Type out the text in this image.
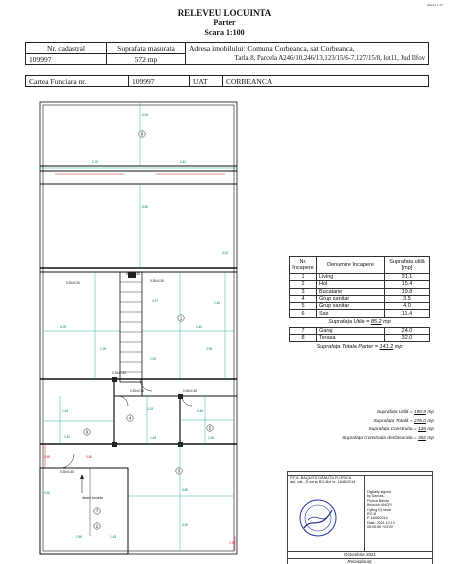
Anexa 1.37
RELEVEU LOCUINTA
Parter
Scara 1:100
Nr. cadastral	Suprafata masurata	Adresa imobilului: Comuna Corbeanca, sat Corbeanca,
109997	572 mp	Tarla 8, Parcela A246/10,246/13,123/15/6-7,127/15/8, lot11, Jud Ilfov
Cartea Funciara nr.	109997	UAT	CORBEANCA
8
1
2
3
4
5
6
7
2.76	3.42
6.00
6.80
4.02
0.30x0.30	0.30x0.30
0.30x0.30
0.20x0.30
0.20x0.30	0.30x0.30
0.30x0.30
6.05	3.45
1.46
0.97
1.00
1.05	2.95
1.84	1.03	4.46
1.40	1.48	2.55
6.80
5.50
2.50	1.48
0.50
0.85
2.90
0.80
intrare locuinta
Nr. încapere	Denumire încapere	Suprafata utilă [mp]
1	Living	31.1
2	Hol	15.4
3	Bucatarie	19.8
4	Grup sanitar	3.5
5	Grup sanitar	4.0
6	Sas	11.4
Suprafața Utila = 85.2 mp		
7	Garaj	24.0
8	Terasa	32.0
Suprafața Totala Parter = 141.2 mp		
Suprafața Utilă = 190.9 mp
Suprafața Totală = 276.0 mp
Suprafața Construita = 138 mp
Suprafața Construita desfasurata = 302 mp

P.F.A. BAQUITĂ DĂNUȚA FLORICA
aut. cat., D seria RO-Bxf nr. 1648/2014

Digitally signed
by Danuta-
Florica Baiuta
Bvlocoh ANCPI
Cyting D) seria
RO-B
P-1648/2014
Date: 2021.10.13
05:05:56 +03'00'

Octombrie 2021
Recepționat,
